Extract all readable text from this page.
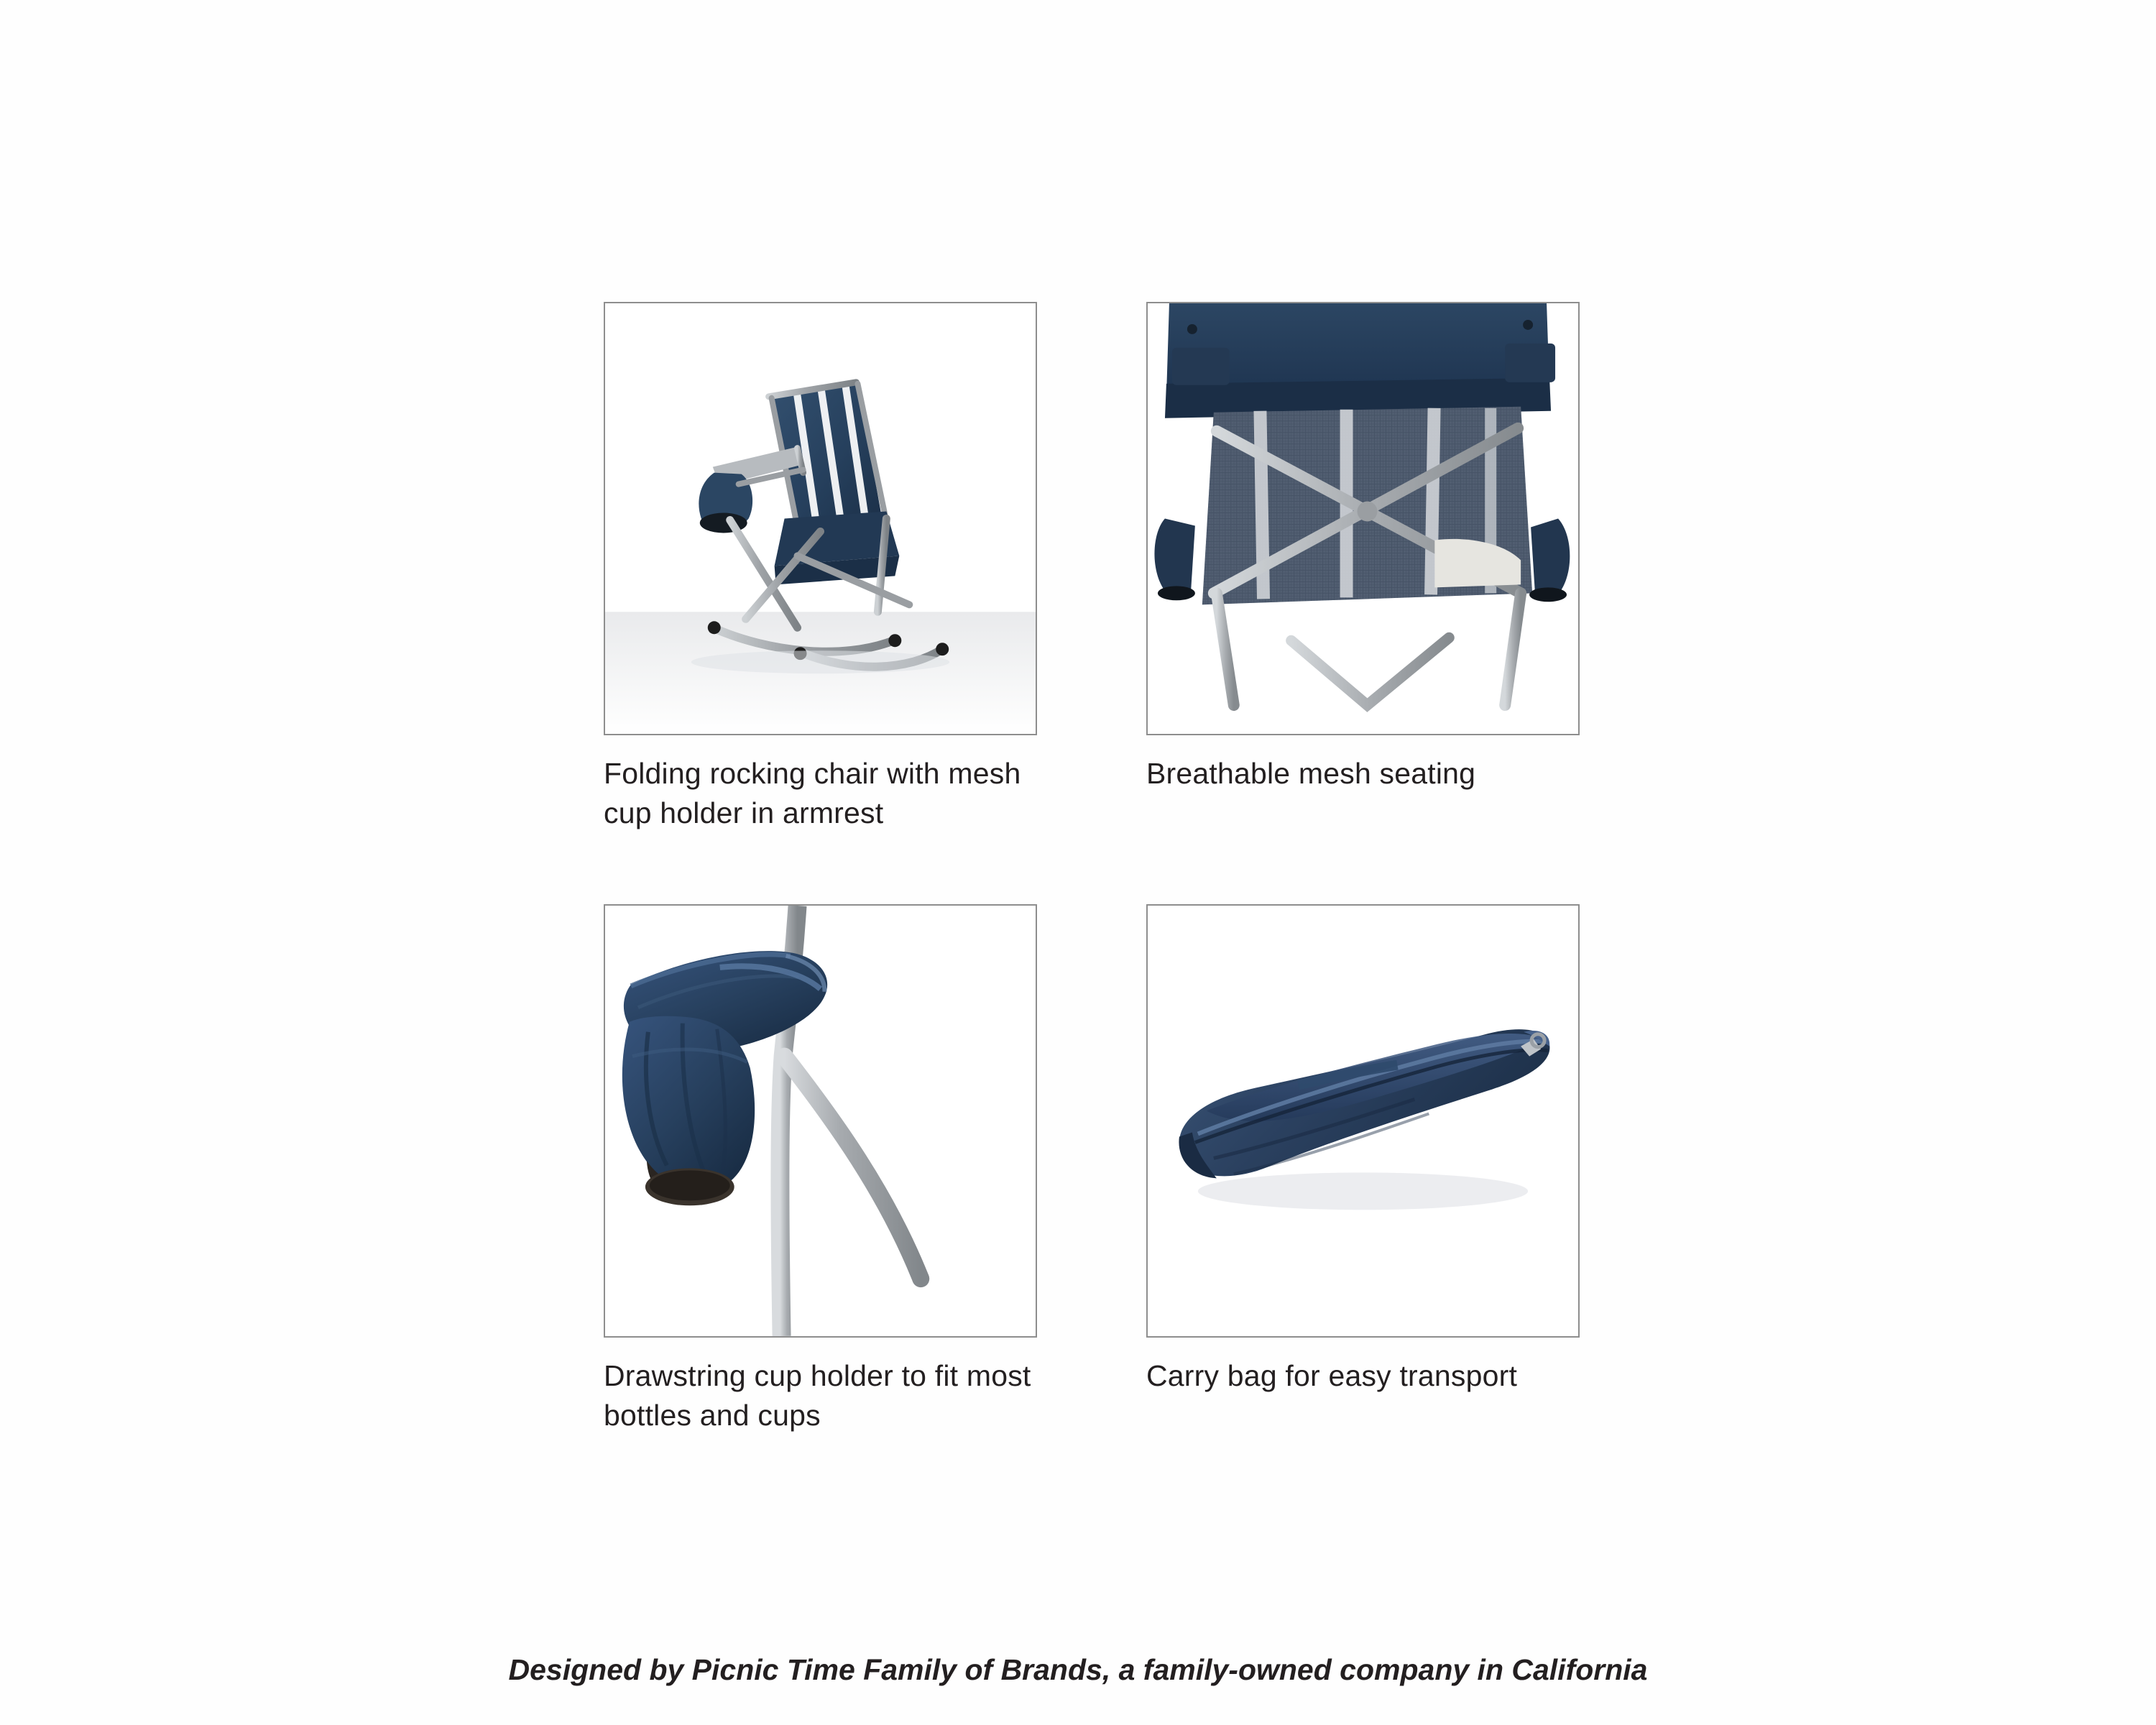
Folding rocking chair with mesh cup holder in armrest
Breathable mesh seating
Drawstring cup holder to fit most bottles and cups
Carry bag for easy transport
Designed by Picnic Time Family of Brands, a family-owned company in California
